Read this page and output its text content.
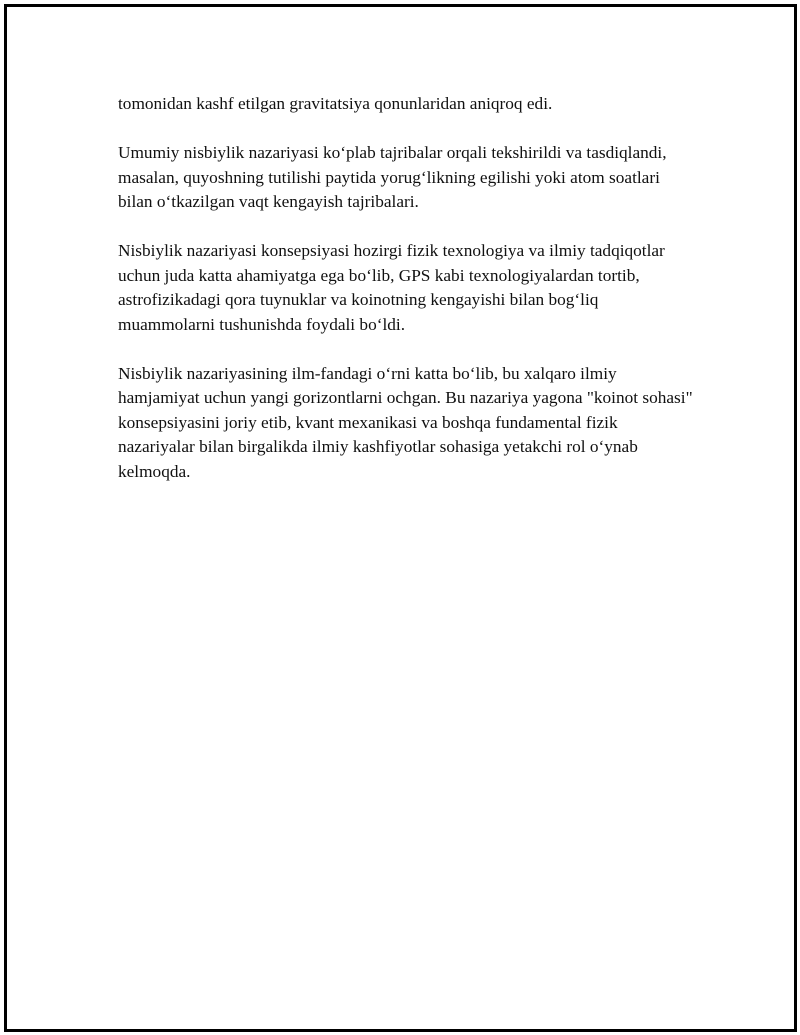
tomonidan kashf etilgan gravitatsiya qonunlaridan aniqroq edi.

Umumiy nisbiylik nazariyasi ko‘plab tajribalar orqali tekshirildi va tasdiqlandi, masalan, quyoshning tutilishi paytida yorug‘likning egilishi yoki atom soatlari bilan o‘tkazilgan vaqt kengayish tajribalari.

Nisbiylik nazariyasi konsepsiyasi hozirgi fizik texnologiya va ilmiy tadqiqotlar uchun juda katta ahamiyatga ega bo‘lib, GPS kabi texnologiyalardan tortib, astrofizikadagi qora tuynuklar va koinotning kengayishi bilan bog‘liq muammolarni tushunishda foydali bo‘ldi.

Nisbiylik nazariyasining ilm-fandagi o‘rni katta bo‘lib, bu xalqaro ilmiy hamjamiyat uchun yangi gorizontlarni ochgan. Bu nazariya yagona "koinot sohasi" konsepsiyasini joriy etib, kvant mexanikasi va boshqa fundamental fizik nazariyalar bilan birgalikda ilmiy kashfiyotlar sohasiga yetakchi rol o‘ynab kelmoqda.
